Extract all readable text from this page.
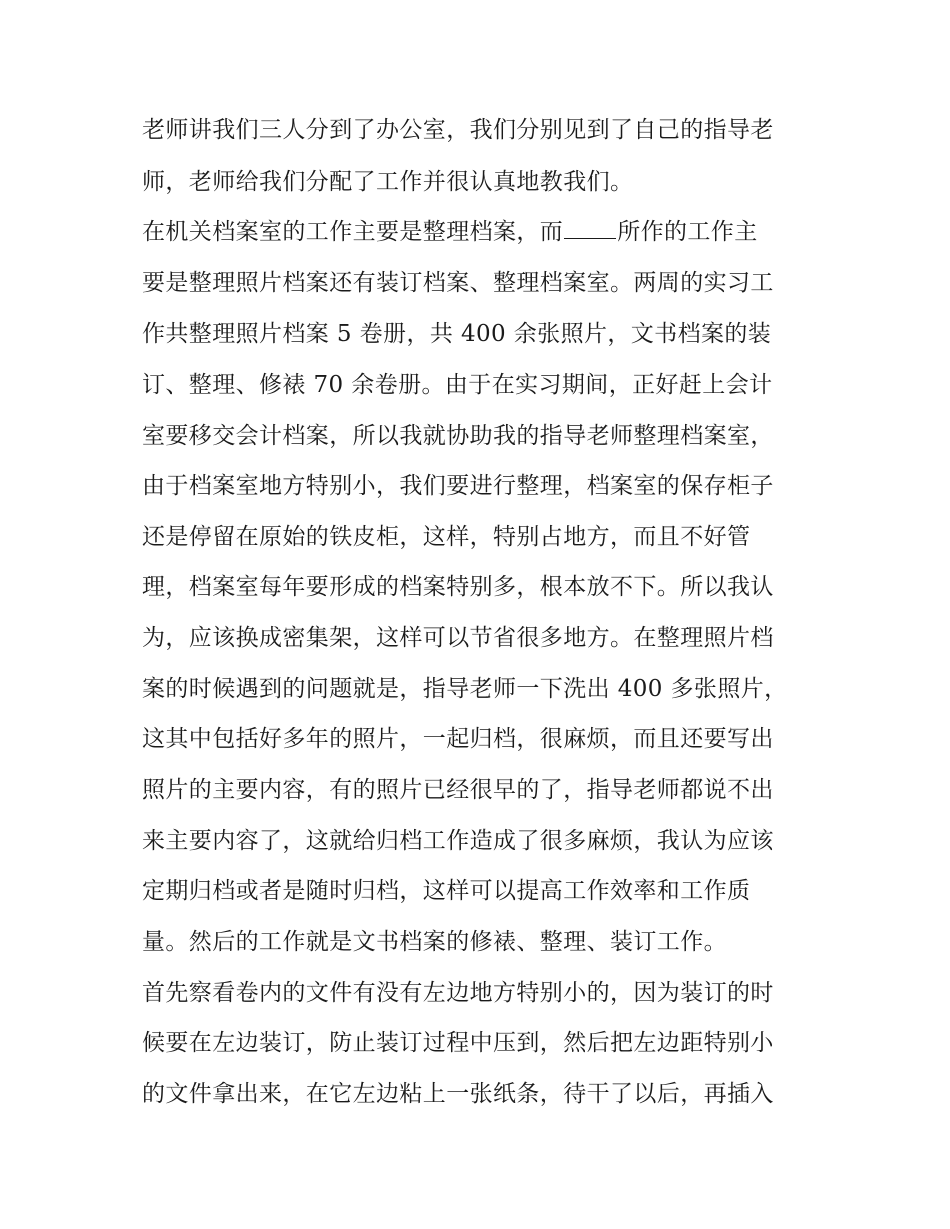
老师讲我们三人分到了办公室，我们分别见到了自己的指导老
师，老师给我们分配了工作并很认真地教我们。
在机关档案室的工作主要是整理档案，而 所作的工作主
要是整理照片档案还有装订档案、整理档案室。两周的实习工
作共整理照片档案 5 卷册，共 400 余张照片，文书档案的装
订、整理、修裱 70 余卷册。由于在实习期间，正好赶上会计
室要移交会计档案，所以我就协助我的指导老师整理档案室，
由于档案室地方特别小，我们要进行整理，档案室的保存柜子
还是停留在原始的铁皮柜，这样，特别占地方，而且不好管
理，档案室每年要形成的档案特别多，根本放不下。所以我认
为，应该换成密集架，这样可以节省很多地方。在整理照片档
案的时候遇到的问题就是，指导老师一下洗出 400 多张照片，
这其中包括好多年的照片，一起归档，很麻烦，而且还要写出
照片的主要内容，有的照片已经很早的了，指导老师都说不出
来主要内容了，这就给归档工作造成了很多麻烦，我认为应该
定期归档或者是随时归档，这样可以提高工作效率和工作质
量。然后的工作就是文书档案的修裱、整理、装订工作。
首先察看卷内的文件有没有左边地方特别小的，因为装订的时
候要在左边装订，防止装订过程中压到，然后把左边距特别小
的文件拿出来，在它左边粘上一张纸条，待干了以后，再插入
